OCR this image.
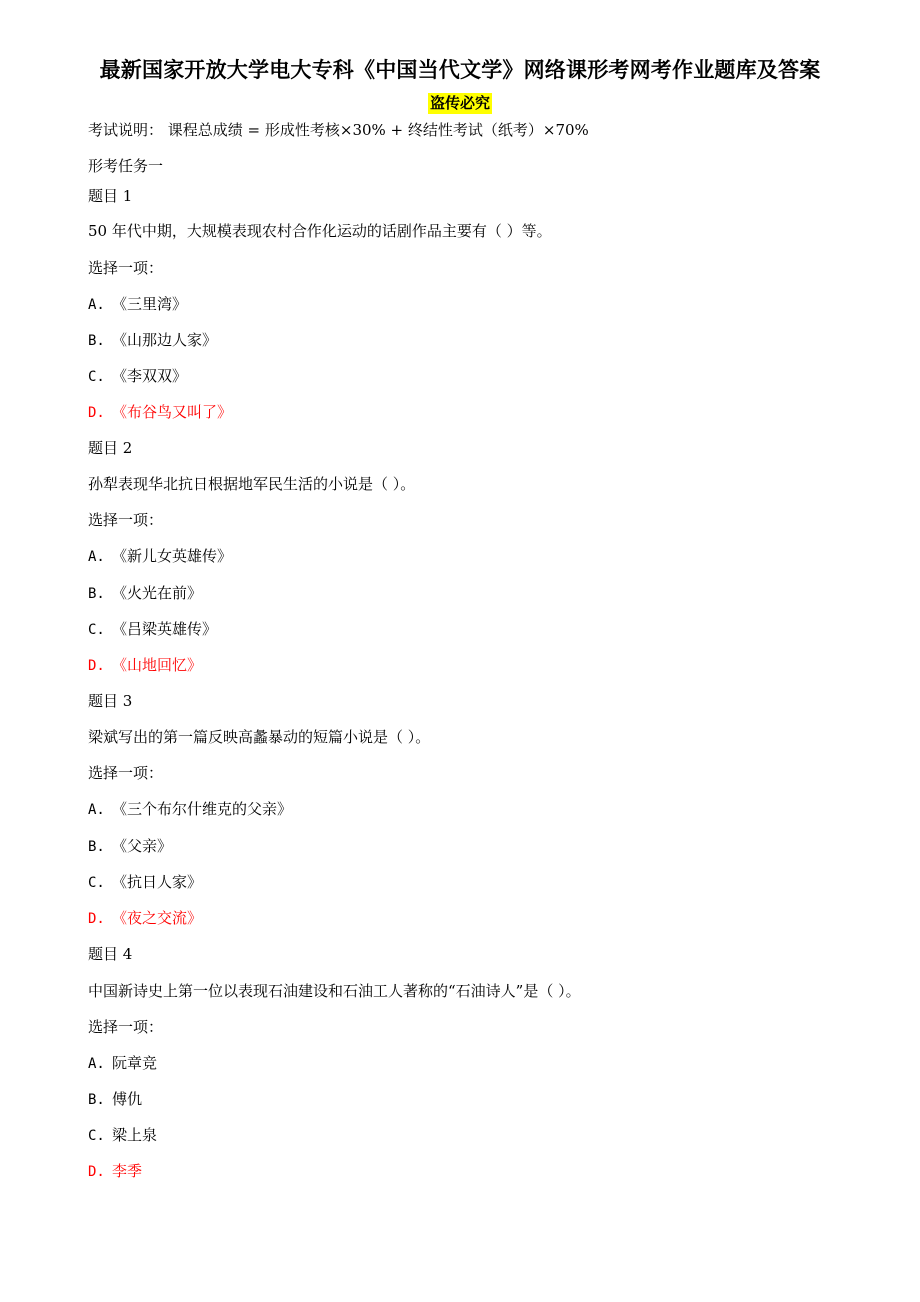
最新国家开放大学电大专科《中国当代文学》网络课形考网考作业题库及答案
盗传必究
考试说明： 课程总成绩 = 形成性考核×30% + 终结性考试（纸考）×70%
形考任务一
题目 1
50 年代中期，大规模表现农村合作化运动的话剧作品主要有（ ）等。
选择一项：
A. 《三里湾》
B. 《山那边人家》
C. 《李双双》
D. 《布谷鸟又叫了》
题目 2
孙犁表现华北抗日根据地军民生活的小说是（ ）。
选择一项：
A. 《新儿女英雄传》
B. 《火光在前》
C. 《吕梁英雄传》
D. 《山地回忆》
题目 3
梁斌写出的第一篇反映高蠡暴动的短篇小说是（ ）。
选择一项：
A. 《三个布尔什维克的父亲》
B. 《父亲》
C. 《抗日人家》
D. 《夜之交流》
题目 4
中国新诗史上第一位以表现石油建设和石油工人著称的“石油诗人”是（ ）。
选择一项：
A. 阮章竞
B. 傅仇
C. 梁上泉
D. 李季
